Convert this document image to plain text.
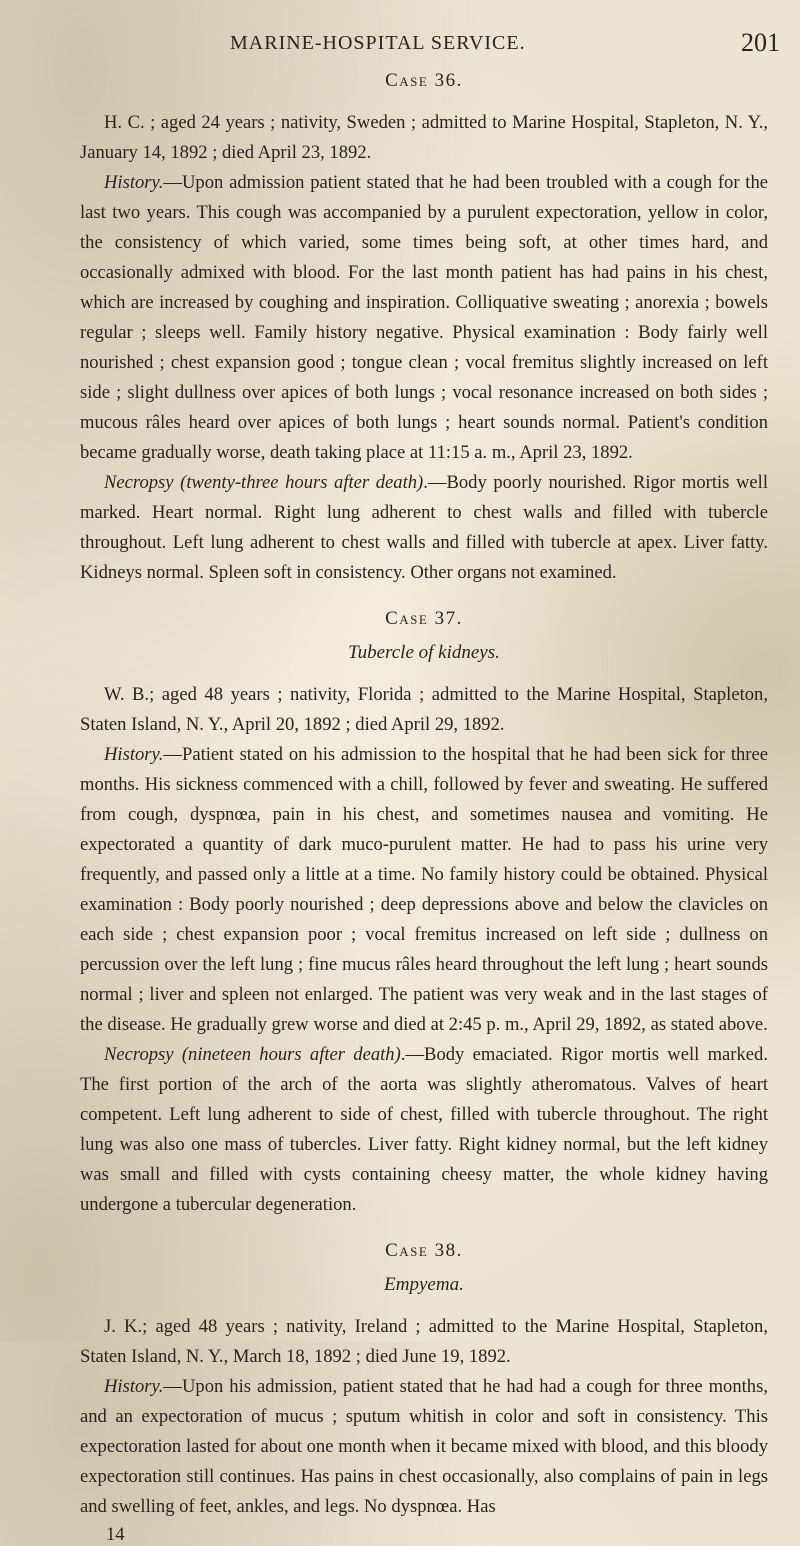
MARINE-HOSPITAL SERVICE.	201
Case 36.

H. C. ; aged 24 years ; nativity, Sweden ; admitted to Marine Hospital, Stapleton, N. Y., January 14, 1892 ; died April 23, 1892.

History.—Upon admission patient stated that he had been troubled with a cough for the last two years. This cough was accompanied by a purulent expectoration, yellow in color, the consistency of which varied, some times being soft, at other times hard, and occasionally admixed with blood. For the last month patient has had pains in his chest, which are increased by coughing and inspiration. Colliquative sweating ; anorexia ; bowels regular ; sleeps well. Family history negative. Physical examination : Body fairly well nourished ; chest expansion good ; tongue clean ; vocal fremitus slightly increased on left side ; slight dullness over apices of both lungs ; vocal resonance increased on both sides ; mucous râles heard over apices of both lungs ; heart sounds normal. Patient's condition became gradually worse, death taking place at 11:15 a. m., April 23, 1892.

Necropsy (twenty-three hours after death).—Body poorly nourished. Rigor mortis well marked. Heart normal. Right lung adherent to chest walls and filled with tubercle throughout. Left lung adherent to chest walls and filled with tubercle at apex. Liver fatty. Kidneys normal. Spleen soft in consistency. Other organs not examined.

Case 37.
Tubercle of kidneys.

W. B.; aged 48 years ; nativity, Florida ; admitted to the Marine Hospital, Stapleton, Staten Island, N. Y., April 20, 1892 ; died April 29, 1892.

History.—Patient stated on his admission to the hospital that he had been sick for three months. His sickness commenced with a chill, followed by fever and sweating. He suffered from cough, dyspnœa, pain in his chest, and sometimes nausea and vomiting. He expectorated a quantity of dark muco-purulent matter. He had to pass his urine very frequently, and passed only a little at a time. No family history could be obtained. Physical examination : Body poorly nourished ; deep depressions above and below the clavicles on each side ; chest expansion poor ; vocal fremitus increased on left side ; dullness on percussion over the left lung ; fine mucus râles heard throughout the left lung ; heart sounds normal ; liver and spleen not enlarged. The patient was very weak and in the last stages of the disease. He gradually grew worse and died at 2:45 p. m., April 29, 1892, as stated above.

Necropsy (nineteen hours after death).—Body emaciated. Rigor mortis well marked. The first portion of the arch of the aorta was slightly atheromatous. Valves of heart competent. Left lung adherent to side of chest, filled with tubercle throughout. The right lung was also one mass of tubercles. Liver fatty. Right kidney normal, but the left kidney was small and filled with cysts containing cheesy matter, the whole kidney having undergone a tubercular degeneration.

Case 38.
Empyema.

J. K.; aged 48 years ; nativity, Ireland ; admitted to the Marine Hospital, Stapleton, Staten Island, N. Y., March 18, 1892 ; died June 19, 1892.

History.—Upon his admission, patient stated that he had had a cough for three months, and an expectoration of mucus ; sputum whitish in color and soft in consistency. This expectoration lasted for about one month when it became mixed with blood, and this bloody expectoration still continues. Has pains in chest occasionally, also complains of pain in legs and swelling of feet, ankles, and legs. No dyspnœa. Has

14
